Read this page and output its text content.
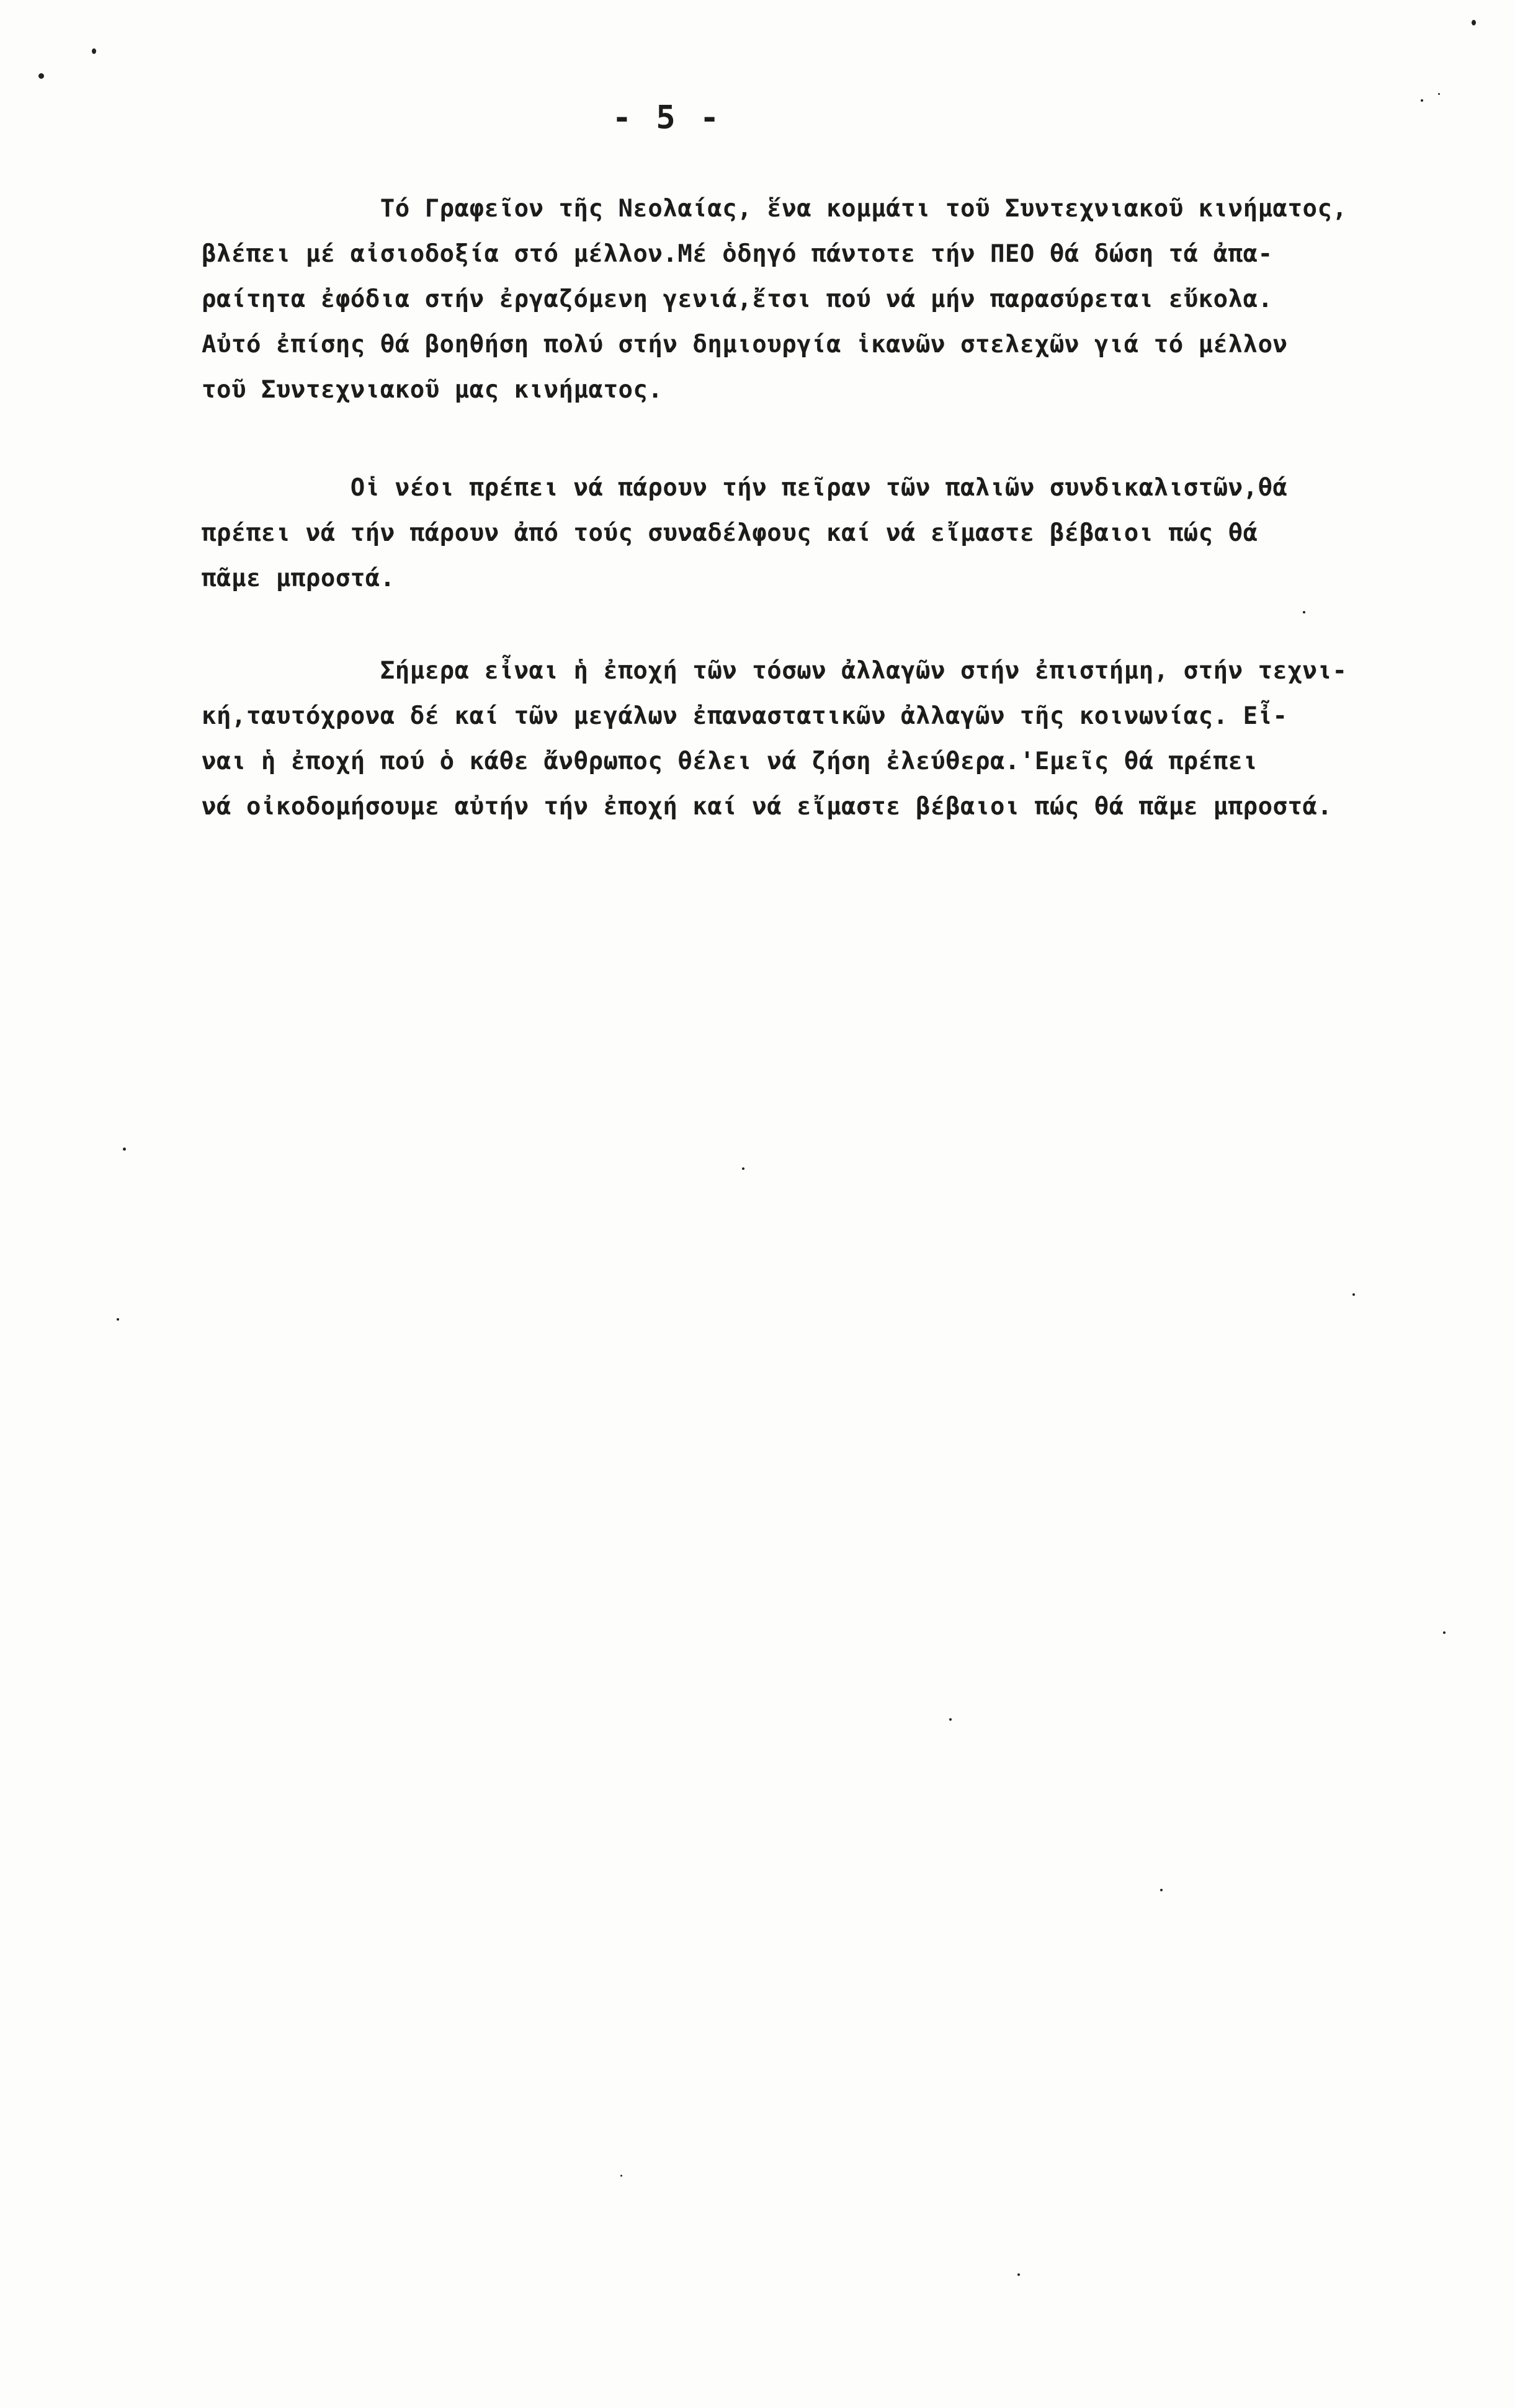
- 5 -
Τό Γραφεῖον τῆς Νεολαίας, ἕνα κομμάτι τοῦ Συντεχνιακοῦ κινήματος,
βλέπει μέ αἰσιοδοξία στό μέλλον.Μέ ὁδηγό πάντοτε τήν ΠΕΟ θά δώση τά ἀπα-
ραίτητα ἐφόδια στήν ἐργαζόμενη γενιά,ἔτσι πού νά μήν παρασύρεται εὔκολα.
Αὐτό ἐπίσης θά βοηθήση πολύ στήν δημιουργία ἱκανῶν στελεχῶν γιά τό μέλλον
τοῦ Συντεχνιακοῦ μας κινήματος.
Οἱ νέοι πρέπει νά πάρουν τήν πεῖραν τῶν παλιῶν συνδικαλιστῶν,θά
πρέπει νά τήν πάρουν ἀπό τούς συναδέλφους καί νά εἴμαστε βέβαιοι πώς θά
πᾶμε μπροστά.
Σήμερα εἶναι ἡ ἐποχή τῶν τόσων ἀλλαγῶν στήν ἐπιστήμη, στήν τεχνι-
κή,ταυτόχρονα δέ καί τῶν μεγάλων ἐπαναστατικῶν ἀλλαγῶν τῆς κοινωνίας. Εἶ-
ναι ἡ ἐποχή πού ὁ κάθε ἄνθρωπος θέλει νά ζήση ἐλεύθερα.'Εμεῖς θά πρέπει
νά οἰκοδομήσουμε αὐτήν τήν ἐποχή καί νά εἴμαστε βέβαιοι πώς θά πᾶμε μπροστά.
